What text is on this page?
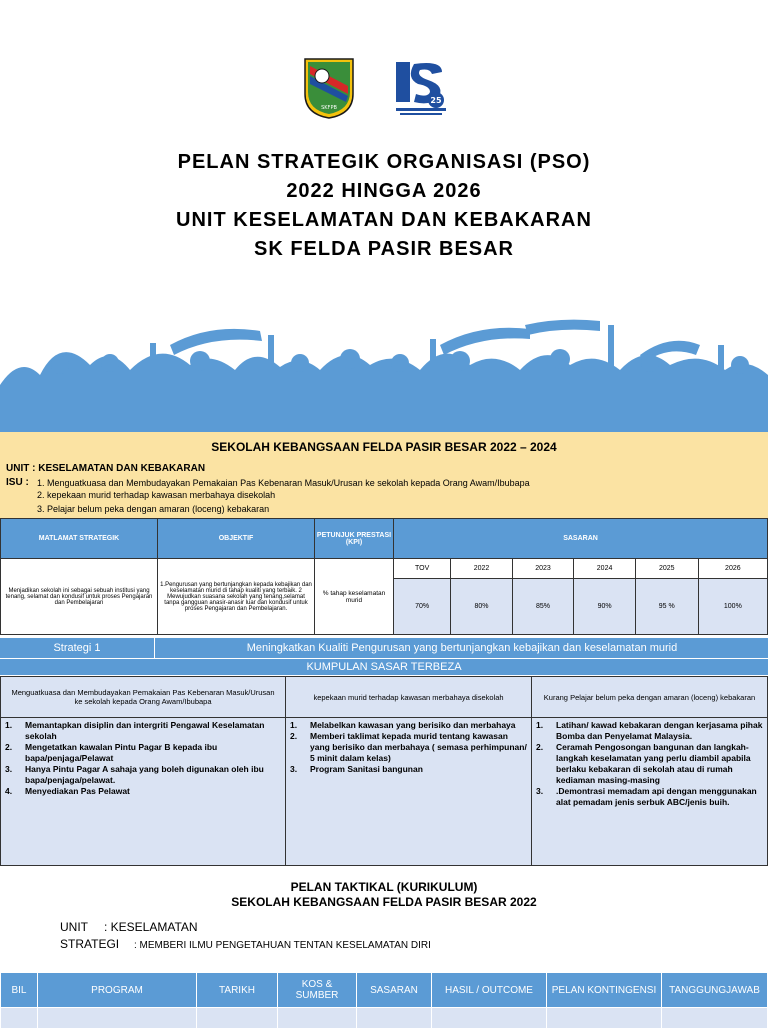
SKFPB
25
PELAN STRATEGIK ORGANISASI (PSO)
2022 HINGGA 2026
UNIT KESELAMATAN DAN KEBAKARAN
SK FELDA PASIR BESAR
SEKOLAH KEBANGSAAN FELDA PASIR BESAR 2022 – 2024
UNIT : KESELAMATAN DAN KEBAKARAN
ISU : 1. Menguatkuasa dan Membudayakan Pemakaian Pas Kebenaran Masuk/Urusan ke sekolah kepada Orang Awam/Ibubapa
2. kepekaan murid terhadap kawasan merbahaya disekolah
3. Pelajar belum peka dengan amaran (loceng) kebakaran
MATLAMAT STRATEGIK	OBJEKTIF	PETUNJUK PRESTASI (KPI)	SASARAN					
Menjadikan sekolah ini sebagai sebuah institusi yang tenang, selamat dan kondusif untuk proses Pengajaran dan Pembelajaran	1.Pengurusan yang bertunjangkan kepada kebajikan dan keselamatan murid di tahap kualiti yang terbaik. 2 Mewujudkan suasana sekolah yang tenang,selamat tanpa gangguan anasir-anasir luar dan kondusif untuk proses Pengajaran dan Pembelajaran.	% tahap keselamatan murid	TOV	2022	2023	2024	2025	2026
			70%	80%	85%	90%	95 %	100%
Strategi 1	Meningkatkan Kualiti Pengurusan yang bertunjangkan kebajikan dan keselamatan murid
KUMPULAN SASAR TERBEZA
Menguatkuasa dan Membudayakan Pemakaian Pas Kebenaran Masuk/Urusan ke sekolah kepada Orang Awam/Ibubapa
1.	Memantapkan disiplin dan intergriti Pengawal Keselamatan sekolah
2.	Mengetatkan kawalan Pintu Pagar B kepada ibu bapa/penjaga/Pelawat
3.	Hanya Pintu Pagar A sahaja yang boleh digunakan oleh ibu bapa/penjaga/pelawat.
4.	Menyediakan Pas Pelawat
kepekaan murid terhadap kawasan merbahaya disekolah
1.	Melabelkan kawasan yang berisiko dan merbahaya
2.	Memberi taklimat kepada murid tentang kawasan yang berisiko dan merbahaya ( semasa perhimpunan/ 5 minit dalam kelas)
3.	Program Sanitasi bangunan
Kurang Pelajar belum peka dengan amaran (loceng) kebakaran
1.	Latihan/ kawad kebakaran dengan kerjasama pihak Bomba dan Penyelamat Malaysia.
2.	Ceramah Pengosongan bangunan dan langkah-langkah keselamatan yang perlu diambil apabila berlaku kebakaran di sekolah atau di rumah kediaman masing-masing
3.	.Demontrasi memadam api dengan menggunakan alat pemadam jenis serbuk ABC/jenis buih.
PELAN TAKTIKAL (KURIKULUM)
SEKOLAH KEBANGSAAN FELDA PASIR BESAR 2022
UNIT : KESELAMATAN
STRATEGI : MEMBERI ILMU PENGETAHUAN TENTAN KESELAMATAN DIRI
BIL	PROGRAM	TARIKH	KOS & SUMBER	SASARAN	HASIL / OUTCOME	PELAN KONTINGENSI	TANGGUNGJAWAB
